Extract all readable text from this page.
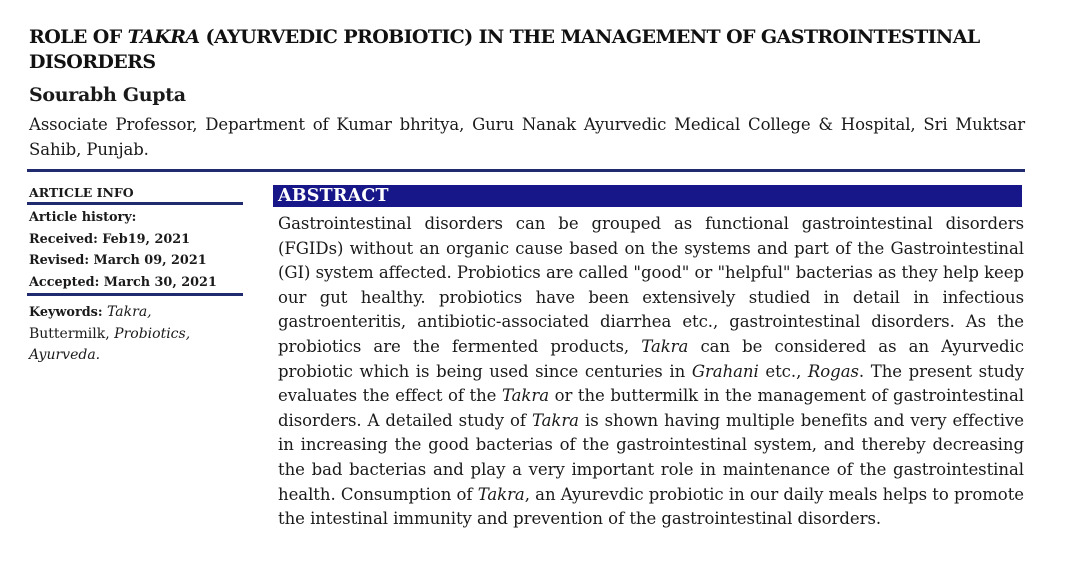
ROLE OF TAKRA (AYURVEDIC PROBIOTIC) IN THE MANAGEMENT OF GASTROINTESTINAL DISORDERS
Sourabh Gupta
Associate Professor, Department of Kumar bhritya, Guru Nanak Ayurvedic Medical College & Hospital, Sri Muktsar Sahib, Punjab.
ARTICLE INFO
Article history:
Received: Feb19, 2021
Revised: March 09, 2021
Accepted: March 30, 2021
Keywords: Takra,
Buttermilk, Probiotics,
Ayurveda.
ABSTRACT
Gastrointestinal disorders can be grouped as functional gastrointestinal disorders (FGIDs) without an organic cause based on the systems and part of the Gastrointestinal (GI) system affected. Probiotics are called "good" or "helpful" bacterias as they help keep our gut healthy. probiotics have been extensively studied in detail in infectious gastroenteritis, antibiotic-associated diarrhea etc., gastrointestinal disorders. As the probiotics are the fermented products, Takra can be considered as an Ayurvedic probiotic which is being used since centuries in Grahani etc., Rogas. The present study evaluates the effect of the Takra or the buttermilk in the management of gastrointestinal disorders. A detailed study of Takra is shown having multiple benefits and very effective in increasing the good bacterias of the gastrointestinal system, and thereby decreasing the bad bacterias and play a very important role in maintenance of the gastrointestinal health. Consumption of Takra, an Ayurevdic probiotic in our daily meals helps to promote the intestinal immunity and prevention of the gastrointestinal disorders.
